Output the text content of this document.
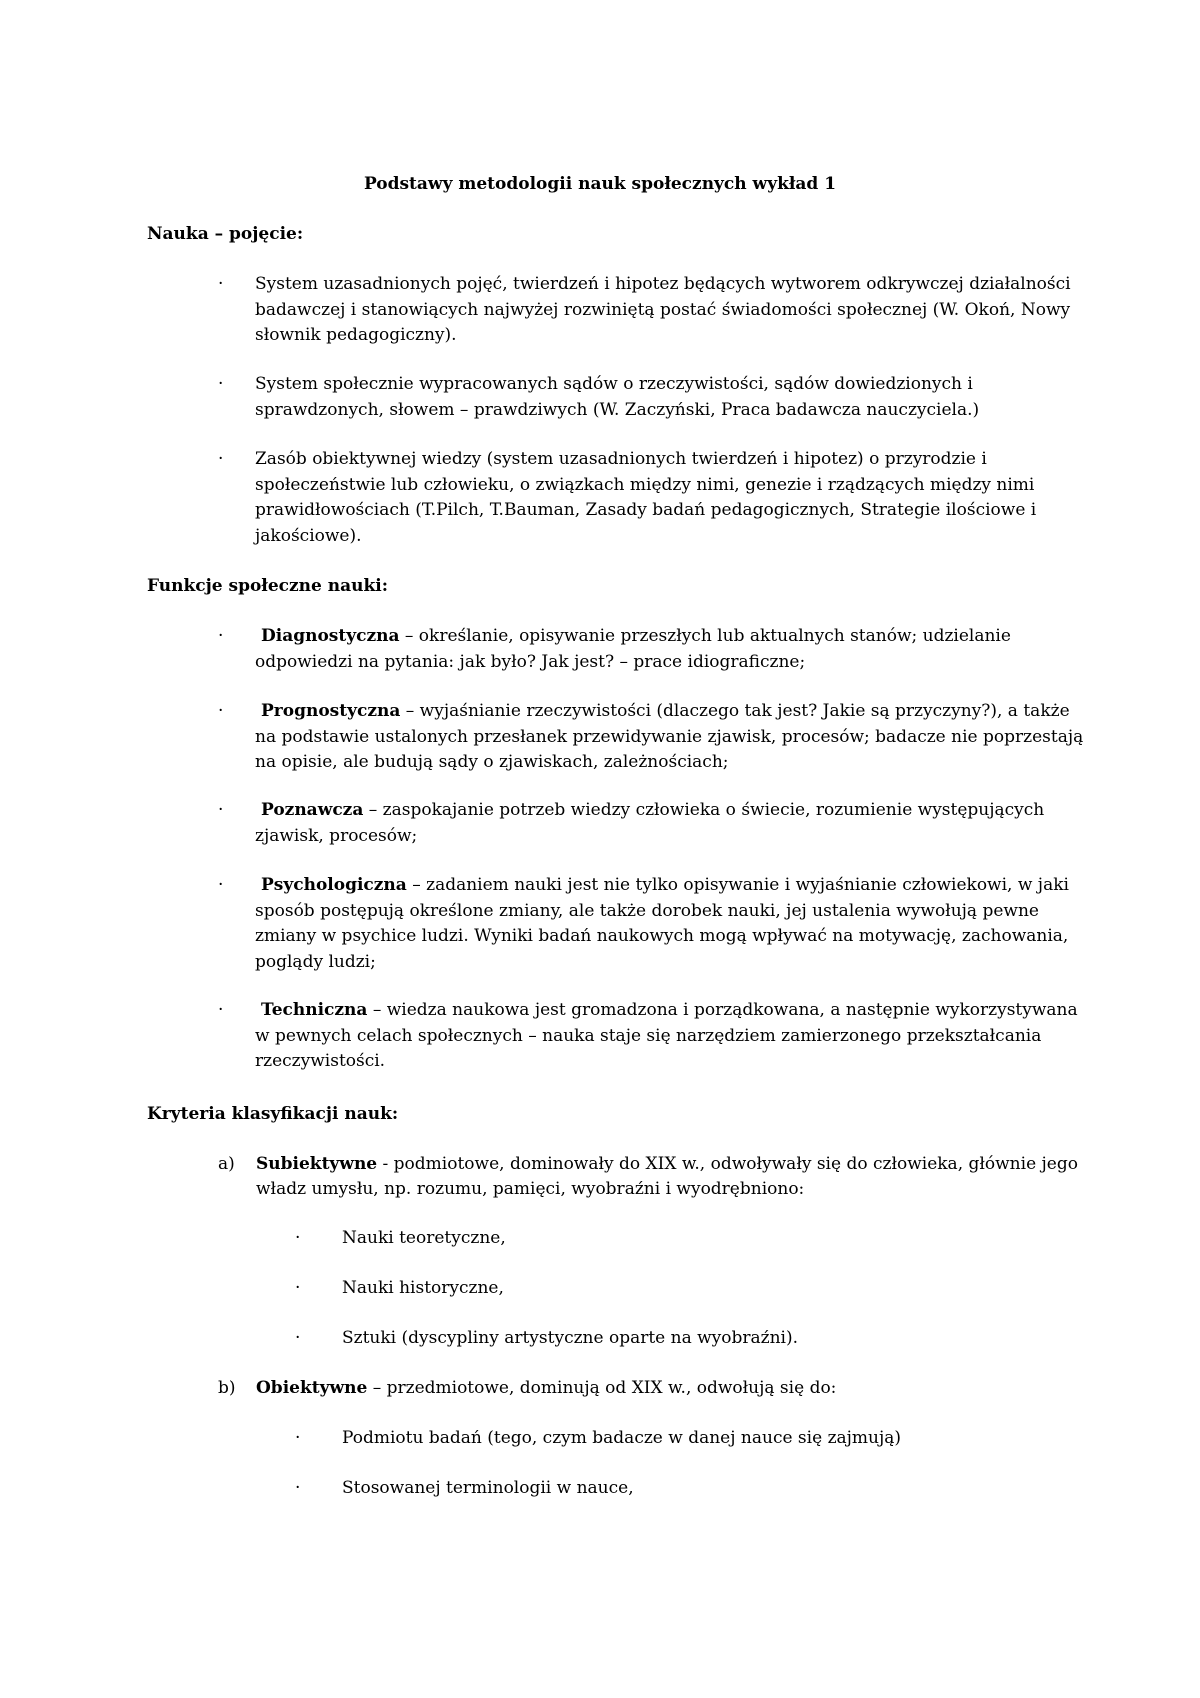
Podstawy metodologii nauk społecznych wykład 1
Nauka – pojęcie:
·	System uzasadnionych pojęć, twierdzeń i hipotez będących wytworem odkrywczej działalności badawczej i stanowiących najwyżej rozwiniętą postać świadomości społecznej (W. Okoń, Nowy słownik pedagogiczny).
·	System społecznie wypracowanych sądów o rzeczywistości, sądów dowiedzionych i sprawdzonych, słowem – prawdziwych (W. Zaczyński, Praca badawcza nauczyciela.)
·	Zasób obiektywnej wiedzy (system uzasadnionych twierdzeń i hipotez) o przyrodzie i społeczeństwie lub człowieku, o związkach między nimi, genezie i rządzących między nimi prawidłowościach (T.Pilch, T.Bauman, Zasady badań pedagogicznych, Strategie ilościowe i jakościowe).
Funkcje społeczne nauki:
·	Diagnostyczna – określanie, opisywanie przeszłych lub aktualnych stanów; udzielanie odpowiedzi na pytania: jak było? Jak jest? – prace idiograficzne;
·	Prognostyczna – wyjaśnianie rzeczywistości (dlaczego tak jest? Jakie są przyczyny?), a także na podstawie ustalonych przesłanek przewidywanie zjawisk, procesów; badacze nie poprzestają na opisie, ale budują sądy o zjawiskach, zależnościach;
·	Poznawcza – zaspokajanie potrzeb wiedzy człowieka o świecie, rozumienie występujących zjawisk, procesów;
·	Psychologiczna – zadaniem nauki jest nie tylko opisywanie i wyjaśnianie człowiekowi, w jaki sposób postępują określone zmiany, ale także dorobek nauki, jej ustalenia wywołują pewne zmiany w psychice ludzi. Wyniki badań naukowych mogą wpływać na motywację, zachowania, poglądy ludzi;
·	Techniczna – wiedza naukowa jest gromadzona i porządkowana, a następnie wykorzystywana w pewnych celach społecznych – nauka staje się narzędziem zamierzonego przekształcania rzeczywistości.
Kryteria klasyfikacji nauk:
a) Subiektywne - podmiotowe, dominowały do XIX w., odwoływały się do człowieka, głównie jego władz umysłu, np. rozumu, pamięci, wyobraźni i wyodrębniono:
· Nauki teoretyczne,
· Nauki historyczne,
· Sztuki (dyscypliny artystyczne oparte na wyobraźni).
b) Obiektywne – przedmiotowe, dominują od XIX w., odwołują się do:
· Podmiotu badań (tego, czym badacze w danej nauce się zajmują)
· Stosowanej terminologii w nauce,
